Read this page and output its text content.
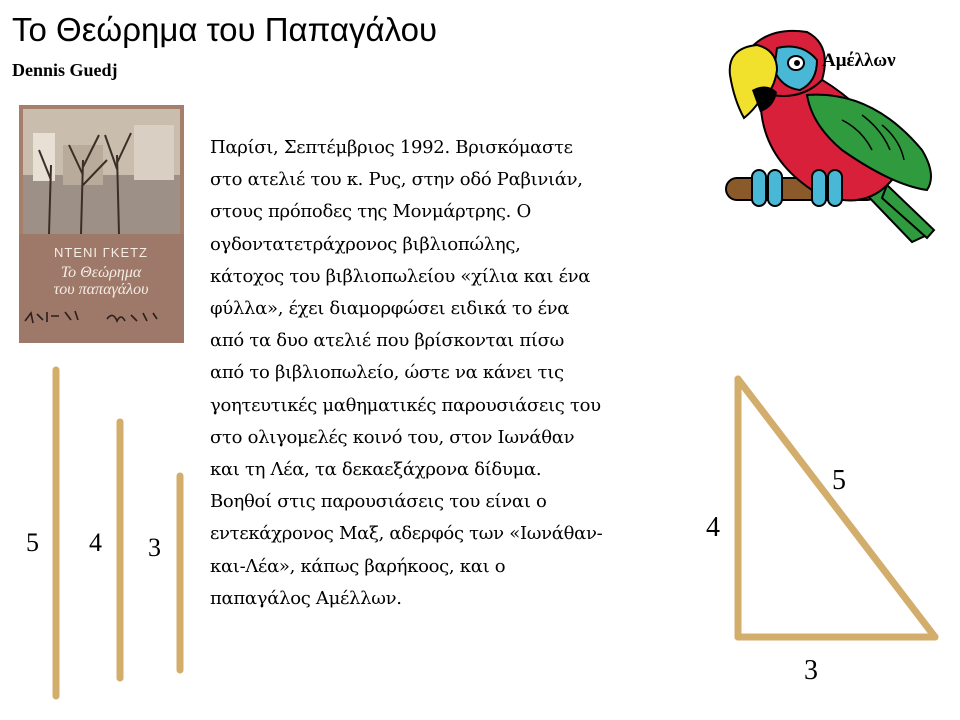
Το Θεώρημα του Παπαγάλου
Dennis Guedj
ΝΤΕΝΙ ΓΚΕΤΖ
Το Θεώρημα
του παπαγάλου

Παρίσι, Σεπτέμβριος 1992. Βρισκόμαστε
στο ατελιέ του κ. Ρυς, στην οδό Ραβινιάν,
στους πρόποδες της Μονμάρτρης. Ο
ογδοντατετράχρονος βιβλιοπώλης,
κάτοχος του βιβλιοπωλείου «χίλια και ένα
φύλλα», έχει διαμορφώσει ειδικά το ένα
από τα δυο ατελιέ που βρίσκονται πίσω
από το βιβλιοπωλείο, ώστε να κάνει τις
γοητευτικές μαθηματικές παρουσιάσεις του
στο ολιγομελές κοινό του, στον Ιωνάθαν
και τη Λέα, τα δεκαεξάχρονα δίδυμα.
Βοηθοί στις παρουσιάσεις του είναι ο
εντεκάχρονος Μαξ, αδερφός των «Ιωνάθαν-
και-Λέα», κάπως βαρήκοος, και ο
παπαγάλος Αμέλλων.

Αμέλλων
5 4 3
5
4
3
